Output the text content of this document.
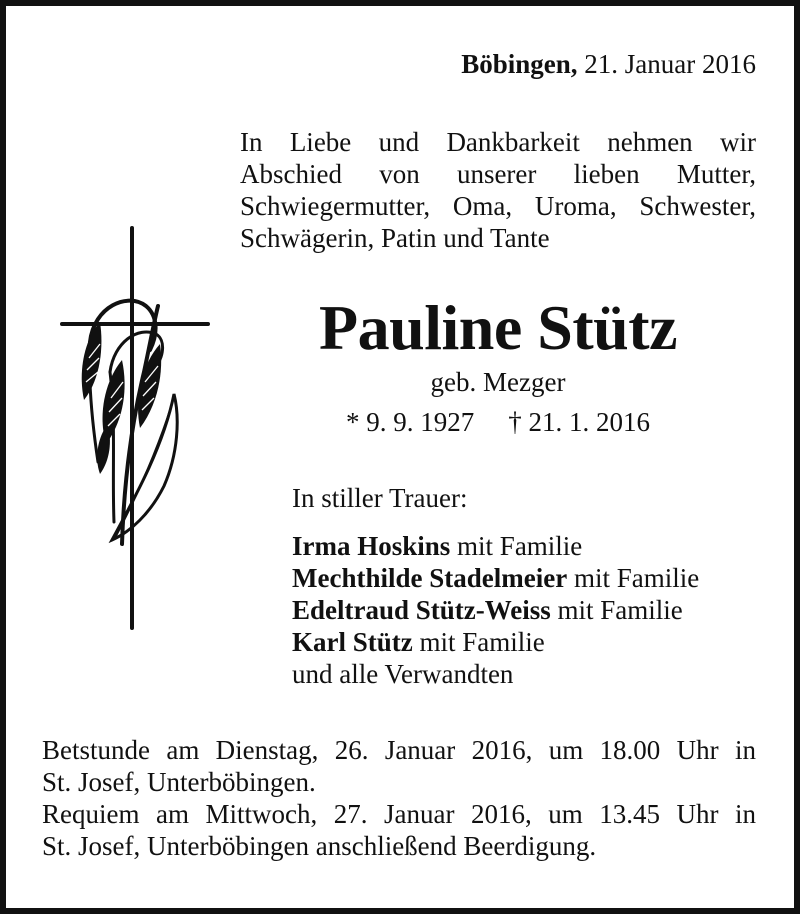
Böbingen, 21. Januar 2016
In Liebe und Dankbarkeit nehmen wir
Abschied von unserer lieben Mutter,
Schwiegermutter, Oma, Uroma, Schwester,
Schwägerin, Patin und Tante
Pauline Stütz
geb. Mezger
* 9. 9. 1927 † 21. 1. 2016
In stiller Trauer:
Irma Hoskins mit Familie
Mechthilde Stadelmeier mit Familie
Edeltraud Stütz-Weiss mit Familie
Karl Stütz mit Familie
und alle Verwandten
Betstunde am Dienstag, 26. Januar 2016, um 18.00 Uhr in
St. Josef, Unterböbingen.
Requiem am Mittwoch, 27. Januar 2016, um 13.45 Uhr in
St. Josef, Unterböbingen anschließend Beerdigung.
